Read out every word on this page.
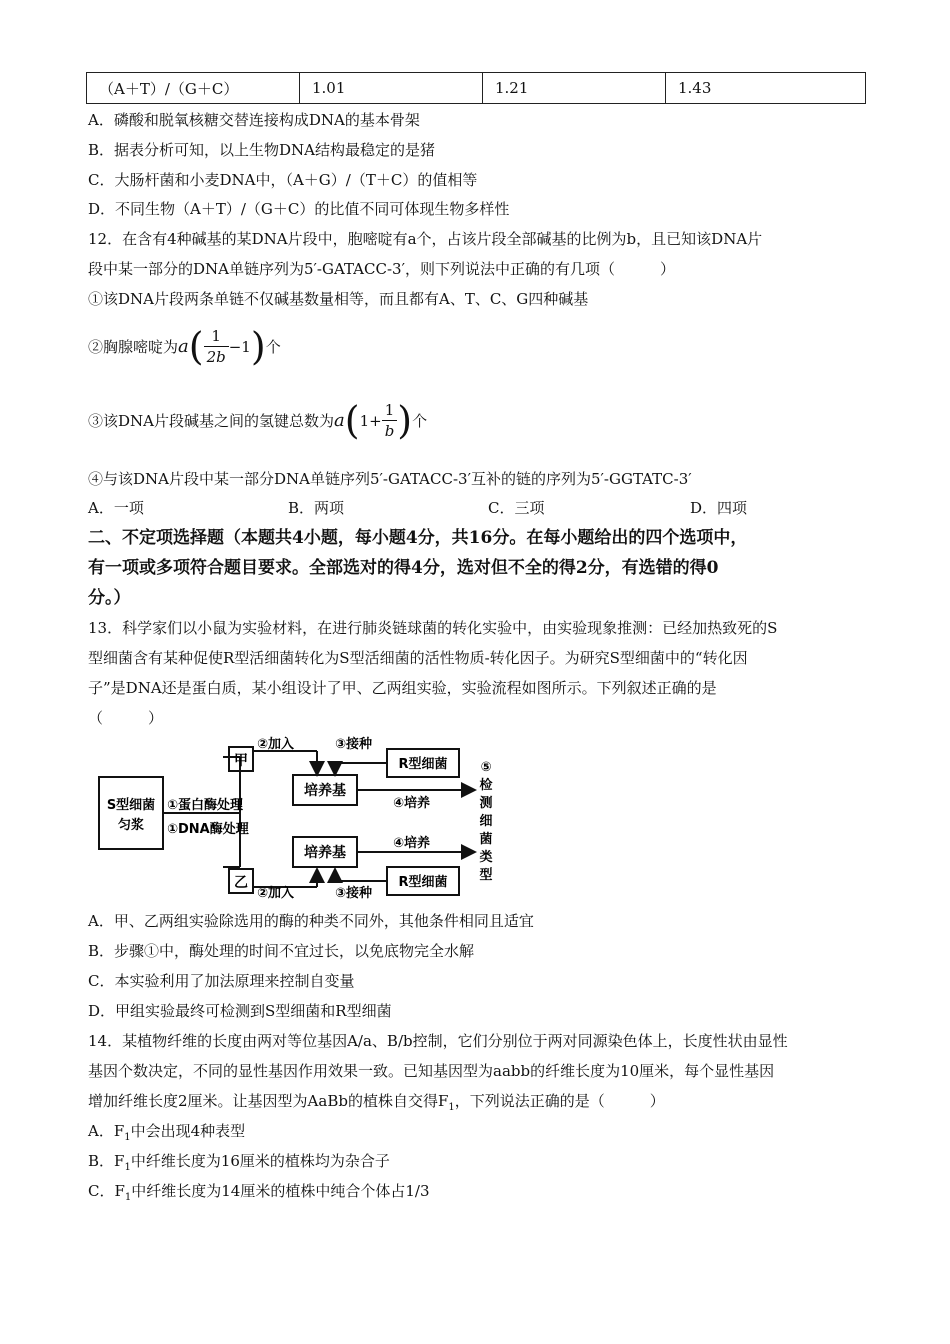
（A＋T）/（G＋C）	1.01	1.21	1.43
A．磷酸和脱氧核糖交替连接构成DNA的基本骨架
B．据表分析可知，以上生物DNA结构最稳定的是猪
C．大肠杆菌和小麦DNA中，（A＋G）/（T＋C）的值相等
D．不同生物（A＋T）/（G＋C）的比值不同可体现生物多样性
12．在含有4种碱基的某DNA片段中，胞嘧啶有a个，占该片段全部碱基的比例为b，且已知该DNA片
段中某一部分的DNA单链序列为5′-GATACC-3′，则下列说法中正确的有几项（　　　）
①该DNA片段两条单链不仅碱基数量相等，而且都有A、T、C、G四种碱基
②胸腺嘧啶为$a( \frac{1}{2b} -1)$个
③该DNA片段碱基之间的氢键总数为$a(1+ \frac{1}{b}$ )个
④与该DNA片段中某一部分DNA单链序列5′-GATACC-3′互补的链的序列为5′-GGTATC-3′
A．一项	B．两项	C．三项	D．四项
二、不定项选择题（本题共4小题，每小题4分，共16分。在每小题给出的四个选项中，
有一项或多项符合题目要求。全部选对的得4分，选对但不全的得2分，有选错的得0
分。）
13．科学家们以小鼠为实验材料，在进行肺炎链球菌的转化实验中，由实验现象推测：已经加热致死的S
型细菌含有某种促使R型活细菌转化为S型活细菌的活性物质-转化因子。为研究S型细菌中的“转化因
子”是DNA还是蛋白质，某小组设计了甲、乙两组实验，实验流程如图所示。下列叙述正确的是
（　　　）
S型细菌
匀浆
①蛋白酶处理
①DNA酶处理
甲
乙
②加入
②加入
③接种
③接种
R型细菌
R型细菌
培养基
培养基
④培养
④培养
⑤
检
测
细
菌
类
型
A．甲、乙两组实验除选用的酶的种类不同外，其他条件相同且适宜
B．步骤①中，酶处理的时间不宜过长，以免底物完全水解
C．本实验利用了加法原理来控制自变量
D．甲组实验最终可检测到S型细菌和R型细菌
14．某植物纤维的长度由两对等位基因A/a、B/b控制，它们分别位于两对同源染色体上，长度性状由显性
基因个数决定，不同的显性基因作用效果一致。已知基因型为aabb的纤维长度为10厘米，每个显性基因
增加纤维长度2厘米。让基因型为AaBb的植株自交得$F_1$，下列说法正确的是（　　　）
A．$F_1$中会出现4种表型
B．$F_1$中纤维长度为16厘米的植株均为杂合子
C．$F_1$中纤维长度为14厘米的植株中纯合个体占1/3
